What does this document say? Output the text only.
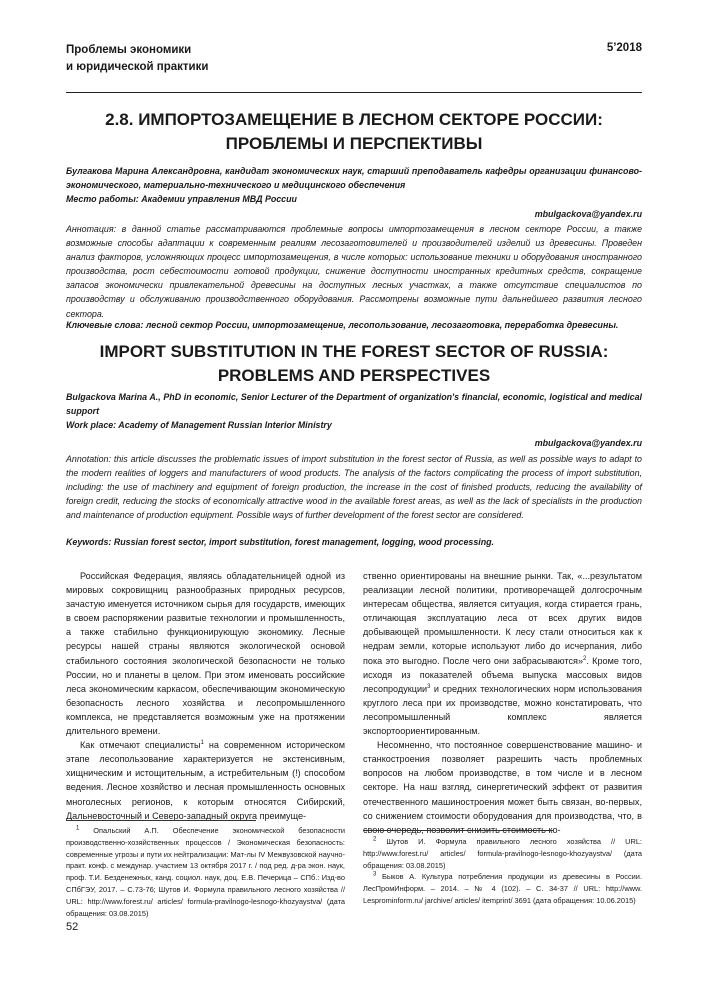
Проблемы экономики
и юридической практики
5’2018
2.8. ИМПОРТОЗАМЕЩЕНИЕ В ЛЕСНОМ СЕКТОРЕ РОССИИ:
ПРОБЛЕМЫ И ПЕРСПЕКТИВЫ
Булгакова Марина Александровна, кандидат экономических наук, старший преподаватель кафедры организации финансово-экономического, материально-технического и медицинского обеспечения
Место работы: Академии управления МВД России
mbulgackova@yandex.ru
Аннотация: в данной статье рассматриваются проблемные вопросы импортозамещения в лесном секторе России, а также возможные способы адаптации к современным реалиям лесозаготовителей и производителей изделий из древесины. Проведен анализ факторов, усложняющих процесс импортозамещения, в числе которых: использование техники и оборудования иностранного производства, рост себестоимости готовой продукции, снижение доступности иностранных кредитных средств, сокращение запасов экономически привлекательной древесины на доступных лесных участках, а также отсутствие специалистов по производству и обслуживанию производственного оборудования. Рассмотрены возможные пути дальнейшего развития лесного сектора.
Ключевые слова: лесной сектор России, импортозамещение, лесопользование, лесозаготовка, переработка древесины.
IMPORT SUBSTITUTION IN THE FOREST SECTOR OF RUSSIA:
PROBLEMS AND PERSPECTIVES
Bulgackova Marina A., PhD in economic, Senior Lecturer of the Department of organization's financial, economic, logistical and medical support
Work place: Academy of Management Russian Interior Ministry
mbulgackova@yandex.ru
Annotation: this article discusses the problematic issues of import substitution in the forest sector of Russia, as well as possible ways to adapt to the modern realities of loggers and manufacturers of wood products. The analysis of the factors complicating the process of import substitution, including: the use of machinery and equipment of foreign production, the increase in the cost of finished products, reducing the availability of foreign credit, reducing the stocks of economically attractive wood in the available forest areas, as well as the lack of specialists in the production and maintenance of production equipment. Possible ways of further development of the forest sector are considered.
Keywords: Russian forest sector, import substitution, forest management, logging, wood processing.

Российская Федерация, являясь обладательницей одной из мировых сокровищниц разнообразных природных ресурсов, зачастую именуется источником сырья для государств, имеющих в своем распоряжении развитые технологии и промышленность, а также стабильно функционирующую экономику. Лесные ресурсы нашей страны являются экологической основой стабильного состояния экологической безопасности не только России, но и планеты в целом. При этом именовать российские леса экономическим каркасом, обеспечивающим экономическую безопасность лесного хозяйства и лесопромышленного комплекса, не представляется возможным уже на протяжении длительного времени.

Как отмечают специалисты$^1$ на современном историческом этапе лесопользование характеризуется не экстенсивным, хищническим и истощительным, а истребительным (!) способом ведения. Лесное хозяйство и лесная промышленность основных многолесных регионов, к которым относятся Сибирский, Дальневосточный и Северо-западный округа преимуще-

ственно ориентированы на внешние рынки. Так, «...результатом реализации лесной политики, противоречащей долгосрочным интересам общества, является ситуация, когда стирается грань, отличающая эксплуатацию леса от всех других видов добывающей промышленности. К лесу стали относиться как к недрам земли, которые используют либо до исчерпания, либо пока это выгодно. После чего они забрасываются»$^2$. Кроме того, исходя из показателей объема выпуска массовых видов лесопродукции$^3$ и средних технологических норм использования круглого леса при их производстве, можно констатировать, что лесопромышленный комплекс является экспортоориентированным.

Несомненно, что постоянное совершенствование машино- и станкостроения позволяет разрешить часть проблемных вопросов на любом производстве, в том числе и в лесном секторе. На наш взгляд, синергетический эффект от развития отечественного машиностроения может быть связан, во-первых, со снижением стоимости оборудования для производства, что, в свою очередь, позволит снизить стоимость ко-

$^1$ Опальский А.П. Обеспечение экономической безопасности производственно-хозяйственных процессов / Экономическая безопасность: современные угрозы и пути их нейтрализации: Мат-лы IV Межвузовской научно-практ. конф. с междунар. участием 13 октября 2017 г. / под ред. д-ра экон. наук, проф. Т.И. Безденежных, канд. социол. наук, доц. Е.В. Печерица – СПб.: Изд-во СПбГЭУ, 2017. – С.73-76; Шутов И. Формула правильного лесного хозяйства // URL: http://www.forest.ru/ articles/ formula-pravilnogo-lesnogo-khozyaystva/ (дата обращения: 03.08.2015)

$^2$ Шутов И. Формула правильного лесного хозяйства // URL: http://www.forest.ru/ articles/ formula-pravilnogo-lesnogo-khozyaystva/ (дата обращения: 03.08.2015)

$^3$ Быков А. Культура потребления продукции из древесины в России. ЛесПромИнформ. – 2014. – № 4 (102). – С. 34-37 // URL: http://www. Lesprominform.ru/ jarchive/ articles/ itemprint/ 3691 (дата обращения: 10.06.2015)

52
